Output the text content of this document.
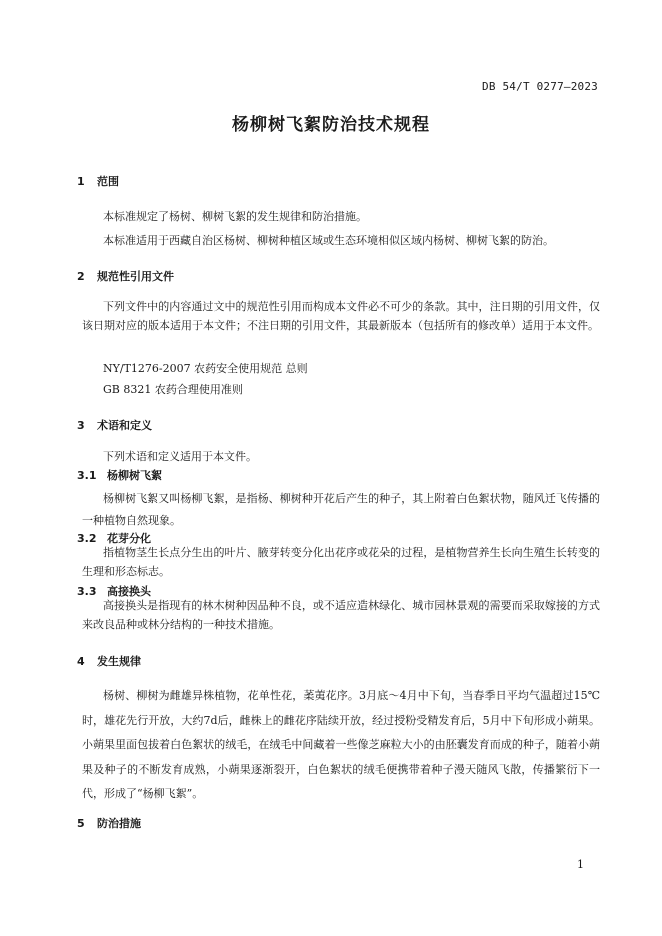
DB 54/T 0277—2023
杨柳树飞絮防治技术规程
1 范围
本标准规定了杨树、柳树飞絮的发生规律和防治措施。
本标准适用于西藏自治区杨树、柳树种植区域或生态环境相似区域内杨树、柳树飞絮的防治。
2 规范性引用文件
下列文件中的内容通过文中的规范性引用而构成本文件必不可少的条款。其中，注日期的引用文件，仅该日期对应的版本适用于本文件；不注日期的引用文件，其最新版本（包括所有的修改单）适用于本文件。
NY/T1276-2007 农药安全使用规范 总则
GB 8321 农药合理使用准则
3 术语和定义
下列术语和定义适用于本文件。
3.1 杨柳树飞絮
杨柳树飞絮又叫杨柳飞絮，是指杨、柳树种开花后产生的种子，其上附着白色絮状物，随风迁飞传播的一种植物自然现象。
3.2 花芽分化
指植物茎生长点分生出的叶片、腋芽转变分化出花序或花朵的过程，是植物营养生长向生殖生长转变的生理和形态标志。
3.3 高接换头
高接换头是指现有的林木树种因品种不良，或不适应造林绿化、城市园林景观的需要而采取嫁接的方式来改良品种或林分结构的一种技术措施。
4 发生规律
杨树、柳树为雌雄异株植物，花单性花，葇荑花序。3月底～4月中下旬，当春季日平均气温超过15℃时，雄花先行开放，大约7d后，雌株上的雌花序陆续开放，经过授粉受精发育后，5月中下旬形成小蒴果。小蒴果里面包拔着白色絮状的绒毛，在绒毛中间藏着一些像芝麻粒大小的由胚囊发育而成的种子，随着小蒴果及种子的不断发育成熟，小蒴果逐渐裂开，白色絮状的绒毛便携带着种子漫天随风飞散，传播繁衍下一代，形成了“杨柳飞絮”。
5 防治措施
1
